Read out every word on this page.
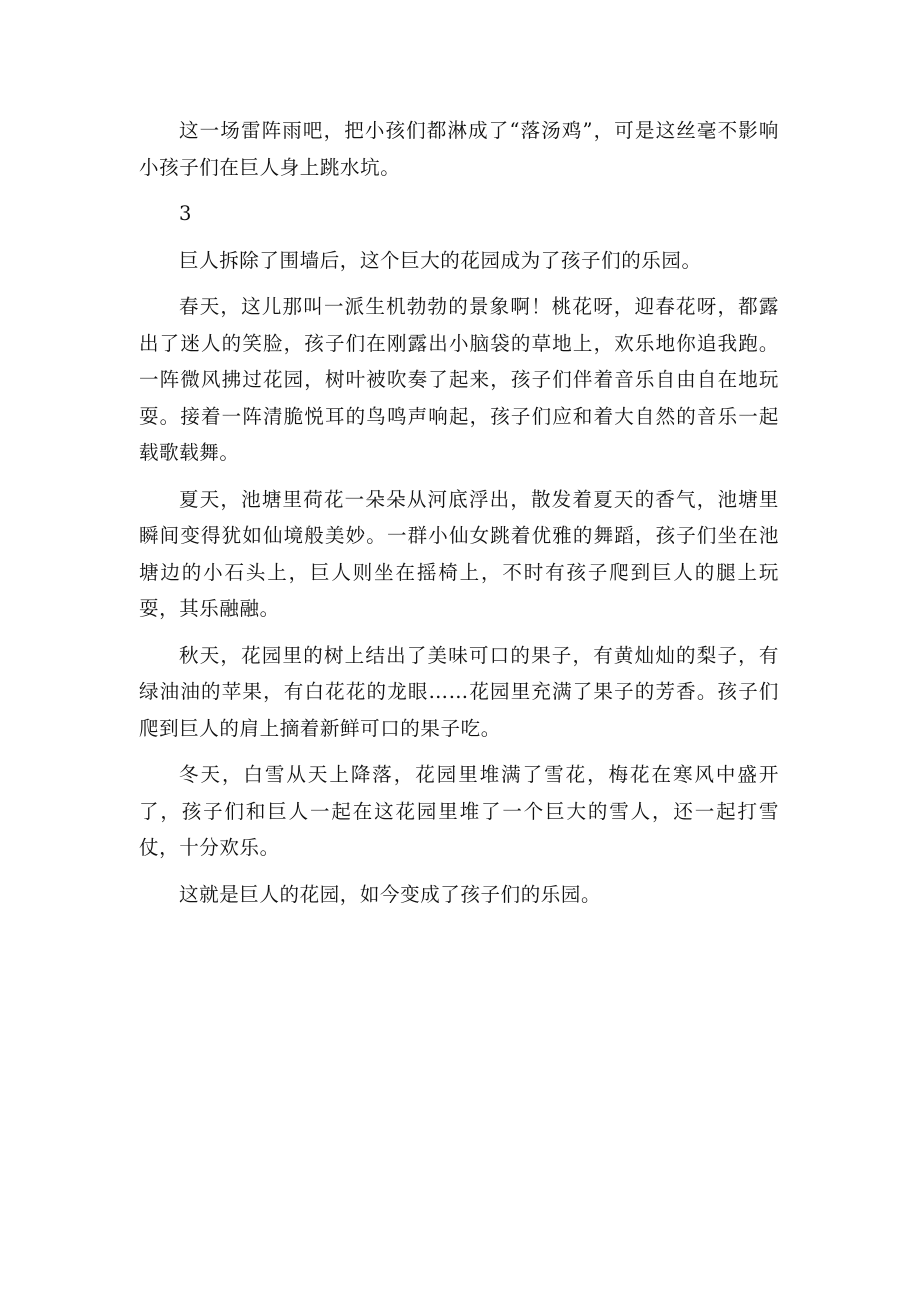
这一场雷阵雨吧，把小孩们都淋成了“落汤鸡”，可是这丝毫不影响小孩子们在巨人身上跳水坑。

3

巨人拆除了围墙后，这个巨大的花园成为了孩子们的乐园。

春天，这儿那叫一派生机勃勃的景象啊！桃花呀，迎春花呀，都露出了迷人的笑脸，孩子们在刚露出小脑袋的草地上，欢乐地你追我跑。一阵微风拂过花园，树叶被吹奏了起来，孩子们伴着音乐自由自在地玩耍。接着一阵清脆悦耳的鸟鸣声响起，孩子们应和着大自然的音乐一起载歌载舞。

夏天，池塘里荷花一朵朵从河底浮出，散发着夏天的香气，池塘里瞬间变得犹如仙境般美妙。一群小仙女跳着优雅的舞蹈，孩子们坐在池塘边的小石头上，巨人则坐在摇椅上，不时有孩子爬到巨人的腿上玩耍，其乐融融。

秋天，花园里的树上结出了美味可口的果子，有黄灿灿的梨子，有绿油油的苹果，有白花花的龙眼……花园里充满了果子的芳香。孩子们爬到巨人的肩上摘着新鲜可口的果子吃。

冬天，白雪从天上降落，花园里堆满了雪花，梅花在寒风中盛开了，孩子们和巨人一起在这花园里堆了一个巨大的雪人，还一起打雪仗，十分欢乐。

这就是巨人的花园，如今变成了孩子们的乐园。
